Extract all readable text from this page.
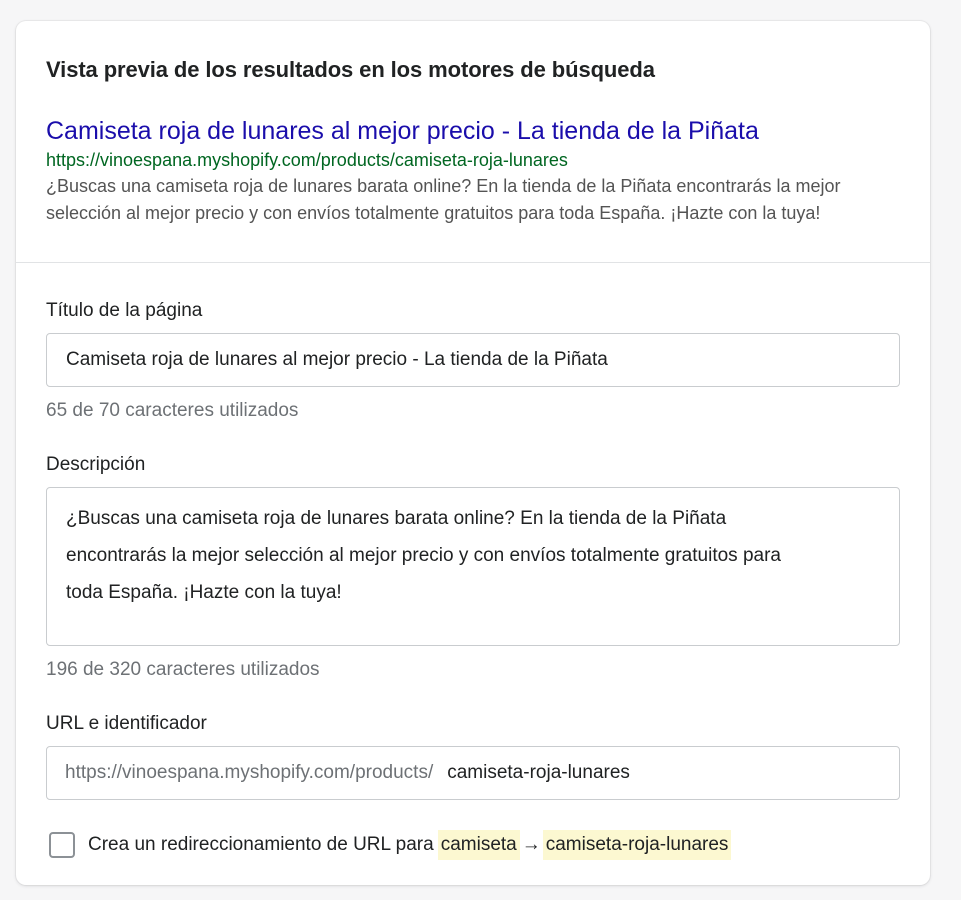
Vista previa de los resultados en los motores de búsqueda
Camiseta roja de lunares al mejor precio - La tienda de la Piñata
https://vinoespana.myshopify.com/products/camiseta-roja-lunares
¿Buscas una camiseta roja de lunares barata online? En la tienda de la Piñata encontrarás la mejor
selección al mejor precio y con envíos totalmente gratuitos para toda España. ¡Hazte con la tuya!
Título de la página
Camiseta roja de lunares al mejor precio - La tienda de la Piñata
65 de 70 caracteres utilizados
Descripción
¿Buscas una camiseta roja de lunares barata online? En la tienda de la Piñata
encontrarás la mejor selección al mejor precio y con envíos totalmente gratuitos para
toda España. ¡Hazte con la tuya!
196 de 320 caracteres utilizados
URL e identificador
https://vinoespana.myshopify.com/products/ camiseta-roja-lunares
Crea un redireccionamiento de URL para camiseta → camiseta-roja-lunares
